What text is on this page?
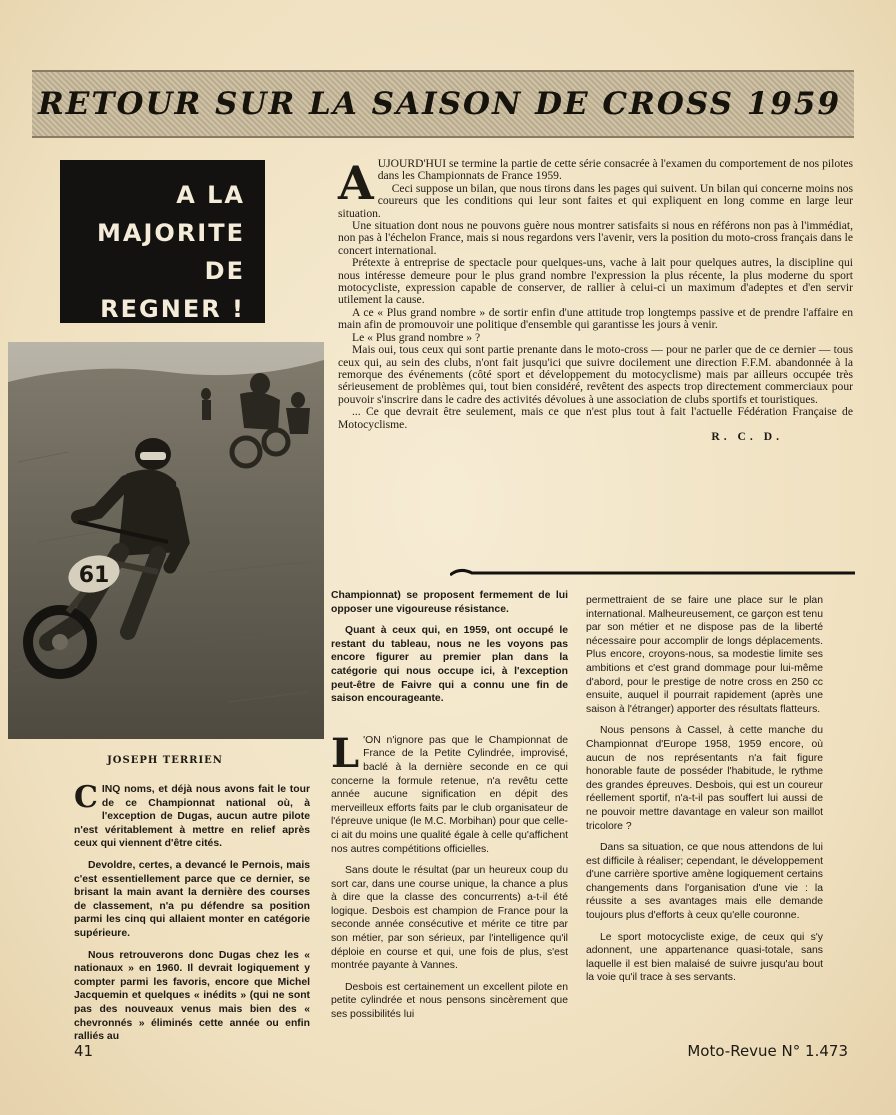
RETOUR SUR LA SAISON DE CROSS 1959
A LA
MAJORITE
DE
REGNER !
61
JOSEPH TERRIEN
A UJOURD'HUI se termine la partie de cette série consacrée à l'examen du comportement de nos pilotes dans les Championnats de France 1959.

Ceci suppose un bilan, que nous tirons dans les pages qui suivent. Un bilan qui concerne moins nos coureurs que les conditions qui leur sont faites et qui expliquent en long comme en large leur situation.

Une situation dont nous ne pouvons guère nous montrer satisfaits si nous en référons non pas à l'immédiat, non pas à l'échelon France, mais si nous regardons vers l'avenir, vers la position du moto-cross français dans le concert international.

Prétexte à entreprise de spectacle pour quelques-uns, vache à lait pour quelques autres, la discipline qui nous intéresse demeure pour le plus grand nombre l'expression la plus récente, la plus moderne du sport motocycliste, expression capable de conserver, de rallier à celui-ci un maximum d'adeptes et d'en servir utilement la cause.

A ce « Plus grand nombre » de sortir enfin d'une attitude trop longtemps passive et de prendre l'affaire en main afin de promouvoir une politique d'ensemble qui garantisse les jours à venir.

Le « Plus grand nombre » ?

Mais oui, tous ceux qui sont partie prenante dans le moto-cross — pour ne parler que de ce dernier — tous ceux qui, au sein des clubs, n'ont fait jusqu'ici que suivre docilement une direction F.F.M. abandonnée à la remorque des événements (côté sport et développement du motocyclisme) mais par ailleurs occupée très sérieusement de problèmes qui, tout bien considéré, revêtent des aspects trop directement commerciaux pour pouvoir s'inscrire dans le cadre des activités dévolues à une association de clubs sportifs et touristiques.

... Ce que devrait être seulement, mais ce que n'est plus tout à fait l'actuelle Fédération Française de Motocyclisme.

R. C. D.

C INQ noms, et déjà nous avons fait le tour de ce Championnat national où, à l'exception de Dugas, aucun autre pilote n'est véritablement à mettre en relief après ceux qui viennent d'être cités.

Devoldre, certes, a devancé le Pernois, mais c'est essentiellement parce que ce dernier, se brisant la main avant la dernière des courses de classement, n'a pu défendre sa position parmi les cinq qui allaient monter en catégorie supérieure.

Nous retrouverons donc Dugas chez les « nationaux » en 1960. Il devrait logiquement y compter parmi les favoris, encore que Michel Jacquemin et quelques « inédits » (qui ne sont pas des nouveaux venus mais bien des « chevronnés » éliminés cette année ou enfin ralliés au

Championnat) se proposent fermement de lui opposer une vigoureuse résistance.

Quant à ceux qui, en 1959, ont occupé le restant du tableau, nous ne les voyons pas encore figurer au premier plan dans la catégorie qui nous occupe ici, à l'exception peut-être de Faivre qui a connu une fin de saison encourageante.

L 'ON n'ignore pas que le Championnat de France de la Petite Cylindrée, improvisé, baclé à la dernière seconde en ce qui concerne la formule retenue, n'a revêtu cette année aucune signification en dépit des merveilleux efforts faits par le club organisateur de l'épreuve unique (le M.C. Morbihan) pour que celle-ci ait du moins une qualité égale à celle qu'affichent nos autres compétitions officielles.

Sans doute le résultat (par un heureux coup du sort car, dans une course unique, la chance a plus à dire que la classe des concurrents) a-t-il été logique. Desbois est champion de France pour la seconde année consécutive et mérite ce titre par son métier, par son sérieux, par l'intelligence qu'il déploie en course et qui, une fois de plus, s'est montrée payante à Vannes.

Desbois est certainement un excellent pilote en petite cylindrée et nous pensons sincèrement que ses possibilités lui

permettraient de se faire une place sur le plan international. Malheureusement, ce garçon est tenu par son métier et ne dispose pas de la liberté nécessaire pour accomplir de longs déplacements. Plus encore, croyons-nous, sa modestie limite ses ambitions et c'est grand dommage pour lui-même d'abord, pour le prestige de notre cross en 250 cc ensuite, auquel il pourrait rapidement (après une saison à l'étranger) apporter des résultats flatteurs.

Nous pensons à Cassel, à cette manche du Championnat d'Europe 1958, 1959 encore, où aucun de nos représentants n'a fait figure honorable faute de posséder l'habitude, le rythme des grandes épreuves. Desbois, qui est un coureur réellement sportif, n'a-t-il pas souffert lui aussi de ne pouvoir mettre davantage en valeur son maillot tricolore ?

Dans sa situation, ce que nous attendons de lui est difficile à réaliser; cependant, le développement d'une carrière sportive amène logiquement certains changements dans l'organisation d'une vie : la réussite a ses avantages mais elle demande toujours plus d'efforts à ceux qu'elle couronne.

Le sport motocycliste exige, de ceux qui s'y adonnent, une appartenance quasi-totale, sans laquelle il est bien malaisé de suivre jusqu'au bout la voie qu'il trace à ses servants.

41	Moto-Revue N° 1.473
